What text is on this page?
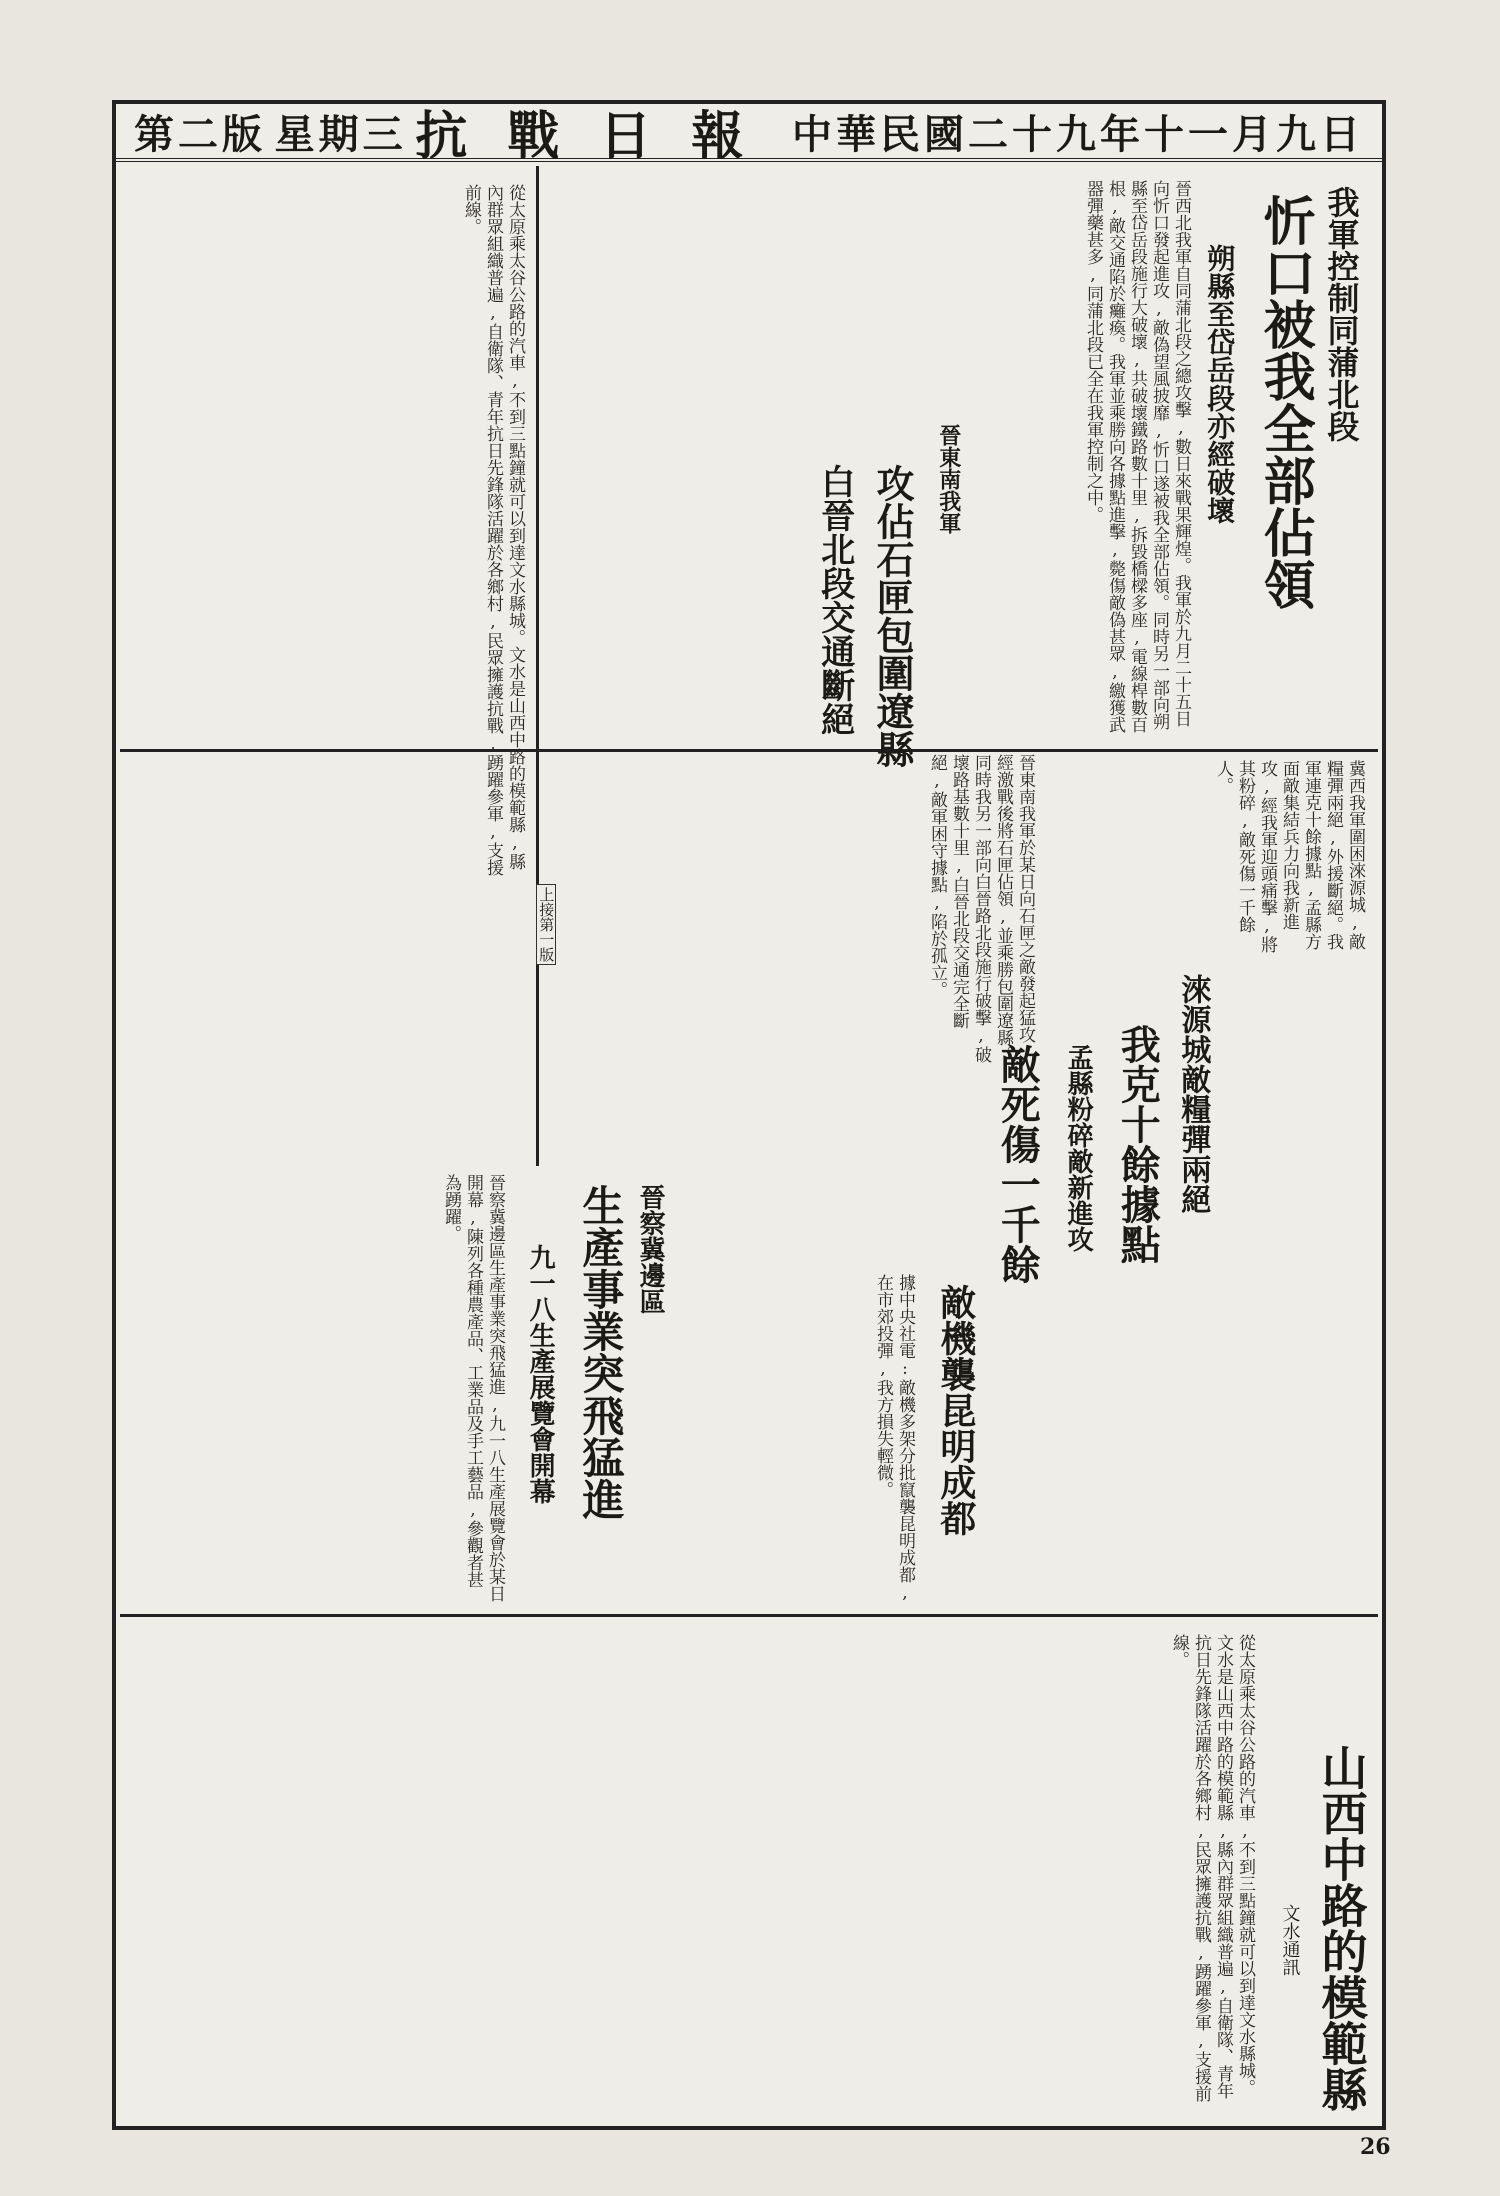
第二版 星期三 抗戰日報 中華民國二十九年十一月九日
我軍控制同蒲北段
忻口被我全部佔領
朔縣至岱岳段亦經破壞
晉西北我軍自同蒲北段之總攻擊,數日來戰果輝煌。我軍於九月二十五日向忻口發起進攻,敵偽望風披靡,忻口遂被我全部佔領。同時另一部向朔縣至岱岳段施行大破壞,共破壞鐵路數十里,拆毀橋樑多座,電線桿數百根,敵交通陷於癱瘓。我軍並乘勝向各據點進擊,斃傷敵偽甚眾,繳獲武器彈藥甚多,同蒲北段已全在我軍控制之中。
晉東南我軍
攻佔石匣包圍遼縣
白晉北段交通斷絕
晉東南我軍於某日向石匣之敵發起猛攻,經激戰後將石匣佔領,並乘勝包圍遼縣。同時我另一部向白晉路北段施行破擊,破壞路基數十里,白晉北段交通完全斷絕,敵軍困守據點,陷於孤立。
從太原乘太谷公路的汽車,不到三點鐘就可以到達文水縣城。文水是山西中路的模範縣,縣內群眾組織普遍,自衛隊、青年抗日先鋒隊活躍於各鄉村,民眾擁護抗戰,踴躍參軍,支援前線。
上接第一版
淶源城敵糧彈兩絕
我克十餘據點
孟縣粉碎敵新進攻
敵死傷一千餘
冀西我軍圍困淶源城,敵糧彈兩絕,外援斷絕。我軍連克十餘據點,孟縣方面敵集結兵力向我新進攻,經我軍迎頭痛擊,將其粉碎,敵死傷一千餘人。
敵機襲昆明成都
據中央社電:敵機多架分批竄襲昆明成都,在市郊投彈,我方損失輕微。
晉察冀邊區
生產事業突飛猛進
九一八生產展覽會開幕
晉察冀邊區生產事業突飛猛進,九一八生產展覽會於某日開幕,陳列各種農產品、工業品及手工藝品,參觀者甚為踴躍。
山西中路的模範縣
文水通訊
從太原乘太谷公路的汽車,不到三點鐘就可以到達文水縣城。文水是山西中路的模範縣,縣內群眾組織普遍,自衛隊、青年抗日先鋒隊活躍於各鄉村,民眾擁護抗戰,踴躍參軍,支援前線。
26
